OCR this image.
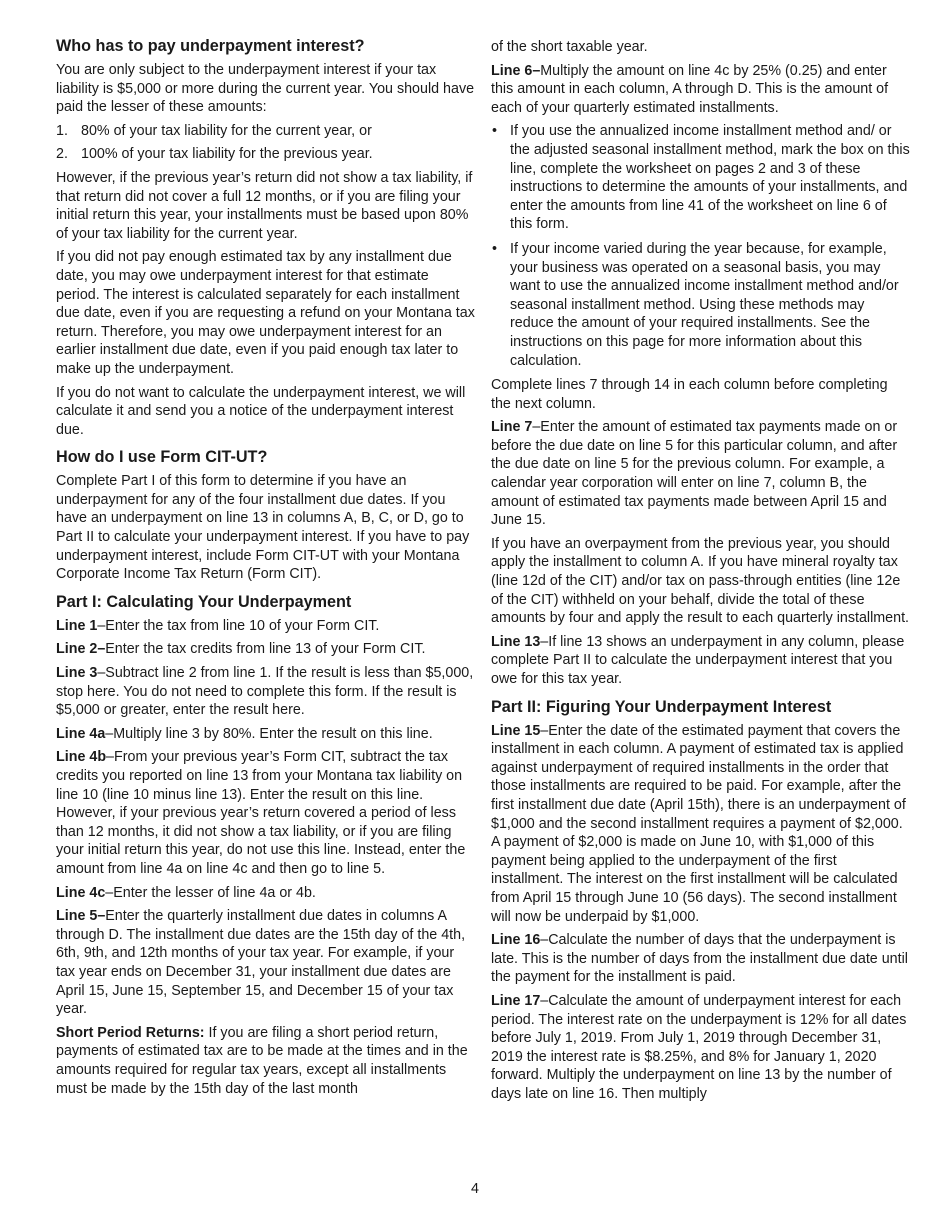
Who has to pay underpayment interest?

You are only subject to the underpayment interest if your tax liability is $5,000 or more during the current year. You should have paid the lesser of these amounts:

1. 80% of your tax liability for the current year, or
2. 100% of your tax liability for the previous year.

However, if the previous year’s return did not show a tax liability, if that return did not cover a full 12 months, or if you are filing your initial return this year, your installments must be based upon 80% of your tax liability for the current year.

If you did not pay enough estimated tax by any installment due date, you may owe underpayment interest for that estimate period. The interest is calculated separately for each installment due date, even if you are requesting a refund on your Montana tax return. Therefore, you may owe underpayment interest for an earlier installment due date, even if you paid enough tax later to make up the underpayment.

If you do not want to calculate the underpayment interest, we will calculate it and send you a notice of the underpayment interest due.

How do I use Form CIT-UT?

Complete Part I of this form to determine if you have an underpayment for any of the four installment due dates. If you have an underpayment on line 13 in columns A, B, C, or D, go to Part II to calculate your underpayment interest. If you have to pay underpayment interest, include Form CIT-UT with your Montana Corporate Income Tax Return (Form CIT).

Part I: Calculating Your Underpayment

Line 1–Enter the tax from line 10 of your Form CIT.

Line 2–Enter the tax credits from line 13 of your Form CIT.

Line 3–Subtract line 2 from line 1. If the result is less than $5,000, stop here. You do not need to complete this form. If the result is $5,000 or greater, enter the result here.

Line 4a–Multiply line 3 by 80%. Enter the result on this line.

Line 4b–From your previous year’s Form CIT, subtract the tax credits you reported on line 13 from your Montana tax liability on line 10 (line 10 minus line 13). Enter the result on this line. However, if your previous year’s return covered a period of less than 12 months, it did not show a tax liability, or if you are filing your initial return this year, do not use this line. Instead, enter the amount from line 4a on line 4c and then go to line 5.

Line 4c–Enter the lesser of line 4a or 4b.

Line 5–Enter the quarterly installment due dates in columns A through D. The installment due dates are the 15th day of the 4th, 6th, 9th, and 12th months of your tax year. For example, if your tax year ends on December 31, your installment due dates are April 15, June 15, September 15, and December 15 of your tax year.

Short Period Returns: If you are filing a short period return, payments of estimated tax are to be made at the times and in the amounts required for regular tax years, except all installments must be made by the 15th day of the last month

of the short taxable year.

Line 6–Multiply the amount on line 4c by 25% (0.25) and enter this amount in each column, A through D. This is the amount of each of your quarterly estimated installments.

• If you use the annualized income installment method and/ or the adjusted seasonal installment method, mark the box on this line, complete the worksheet on pages 2 and 3 of these instructions to determine the amounts of your installments, and enter the amounts from line 41 of the worksheet on line 6 of this form.
• If your income varied during the year because, for example, your business was operated on a seasonal basis, you may want to use the annualized income installment method and/or seasonal installment method. Using these methods may reduce the amount of your required installments. See the instructions on this page for more information about this calculation.

Complete lines 7 through 14 in each column before completing the next column.

Line 7–Enter the amount of estimated tax payments made on or before the due date on line 5 for this particular column, and after the due date on line 5 for the previous column. For example, a calendar year corporation will enter on line 7, column B, the amount of estimated tax payments made between April 15 and June 15.

If you have an overpayment from the previous year, you should apply the installment to column A. If you have mineral royalty tax (line 12d of the CIT) and/or tax on pass-through entities (line 12e of the CIT) withheld on your behalf, divide the total of these amounts by four and apply the result to each quarterly installment.

Line 13–If line 13 shows an underpayment in any column, please complete Part II to calculate the underpayment interest that you owe for this tax year.

Part II: Figuring Your Underpayment Interest

Line 15–Enter the date of the estimated payment that covers the installment in each column. A payment of estimated tax is applied against underpayment of required installments in the order that those installments are required to be paid. For example, after the first installment due date (April 15th), there is an underpayment of $1,000 and the second installment requires a payment of $2,000. A payment of $2,000 is made on June 10, with $1,000 of this payment being applied to the underpayment of the first installment. The interest on the first installment will be calculated from April 15 through June 10 (56 days). The second installment will now be underpaid by $1,000.

Line 16–Calculate the number of days that the underpayment is late. This is the number of days from the installment due date until the payment for the installment is paid.

Line 17–Calculate the amount of underpayment interest for each period. The interest rate on the underpayment is 12% for all dates before July 1, 2019. From July 1, 2019 through December 31, 2019 the interest rate is $8.25%, and 8% for January 1, 2020 forward. Multiply the underpayment on line 13 by the number of days late on line 16. Then multiply

4
